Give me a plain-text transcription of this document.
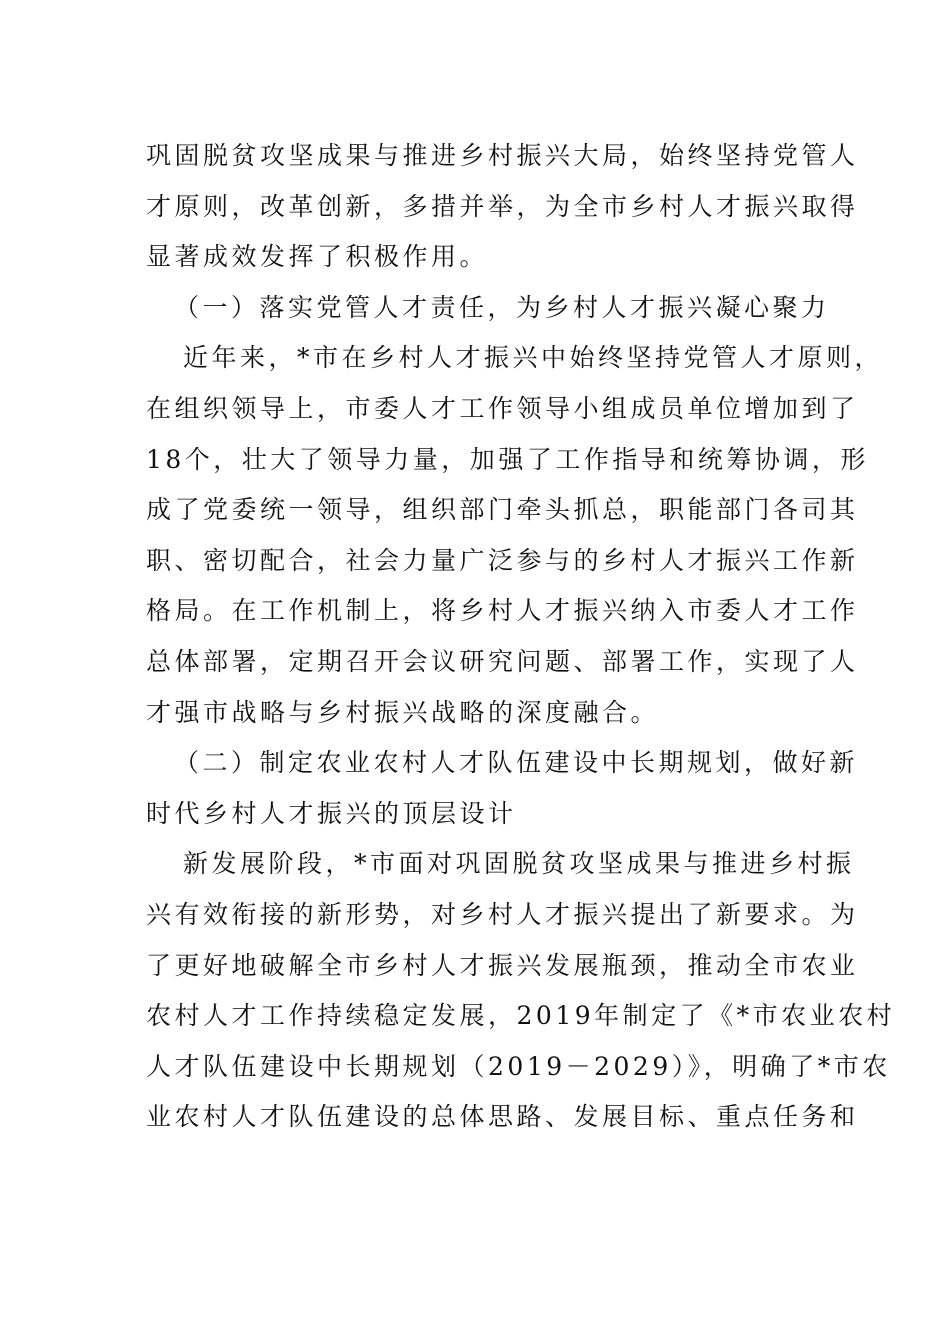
巩固脱贫攻坚成果与推进乡村振兴大局，始终坚持党管人
才原则，改革创新，多措并举，为全市乡村人才振兴取得
显著成效发挥了积极作用。
（一）落实党管人才责任，为乡村人才振兴凝心聚力
近年来，*市在乡村人才振兴中始终坚持党管人才原则，
在组织领导上，市委人才工作领导小组成员单位增加到了
18个，壮大了领导力量，加强了工作指导和统筹协调，形
成了党委统一领导，组织部门牵头抓总，职能部门各司其
职、密切配合，社会力量广泛参与的乡村人才振兴工作新
格局。在工作机制上，将乡村人才振兴纳入市委人才工作
总体部署，定期召开会议研究问题、部署工作，实现了人
才强市战略与乡村振兴战略的深度融合。
（二）制定农业农村人才队伍建设中长期规划，做好新
时代乡村人才振兴的顶层设计
新发展阶段，*市面对巩固脱贫攻坚成果与推进乡村振
兴有效衔接的新形势，对乡村人才振兴提出了新要求。为
了更好地破解全市乡村人才振兴发展瓶颈，推动全市农业
农村人才工作持续稳定发展，2019年制定了《*市农业农村
人才队伍建设中长期规划（2019－2029）》，明确了*市农
业农村人才队伍建设的总体思路、发展目标、重点任务和
